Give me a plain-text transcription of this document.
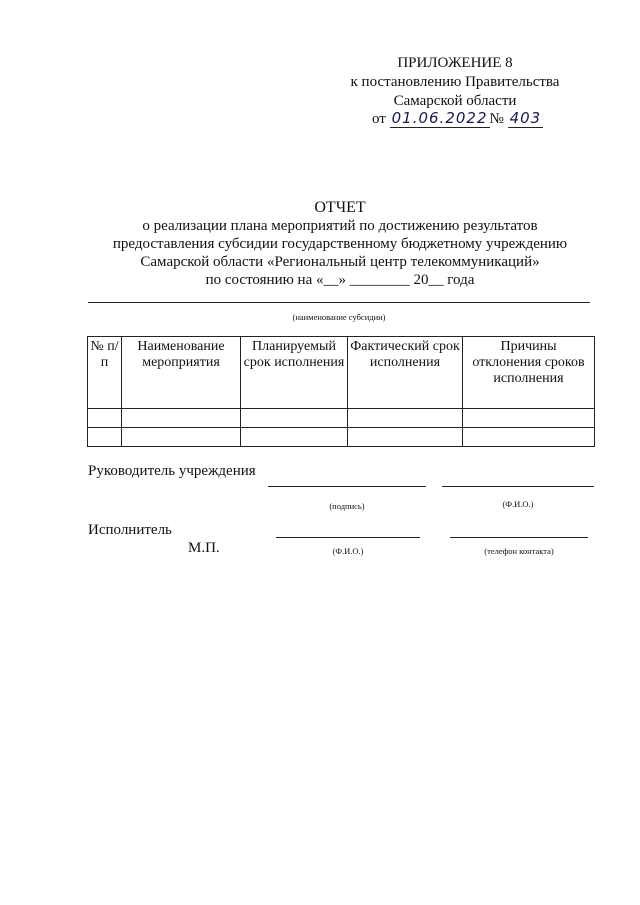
ПРИЛОЖЕНИЕ 8
к постановлению Правительства
Самарской области
от 01.06.2022 № 403
ОТЧЕТ
о реализации плана мероприятий по достижению результатов
предоставления субсидии государственному бюджетному учреждению
Самарской области «Региональный центр телекоммуникаций»
по состоянию на «__» ________ 20__ года
(наименование субсидии)
№ п/п	Наименование мероприятия	Планируемый срок исполнения	Фактический срок исполнения	Причины отклонения сроков исполнения

Руководитель учреждения
(подпись)	(Ф.И.О.)
Исполнитель
М.П.	(Ф.И.О.)	(телефон контакта)
